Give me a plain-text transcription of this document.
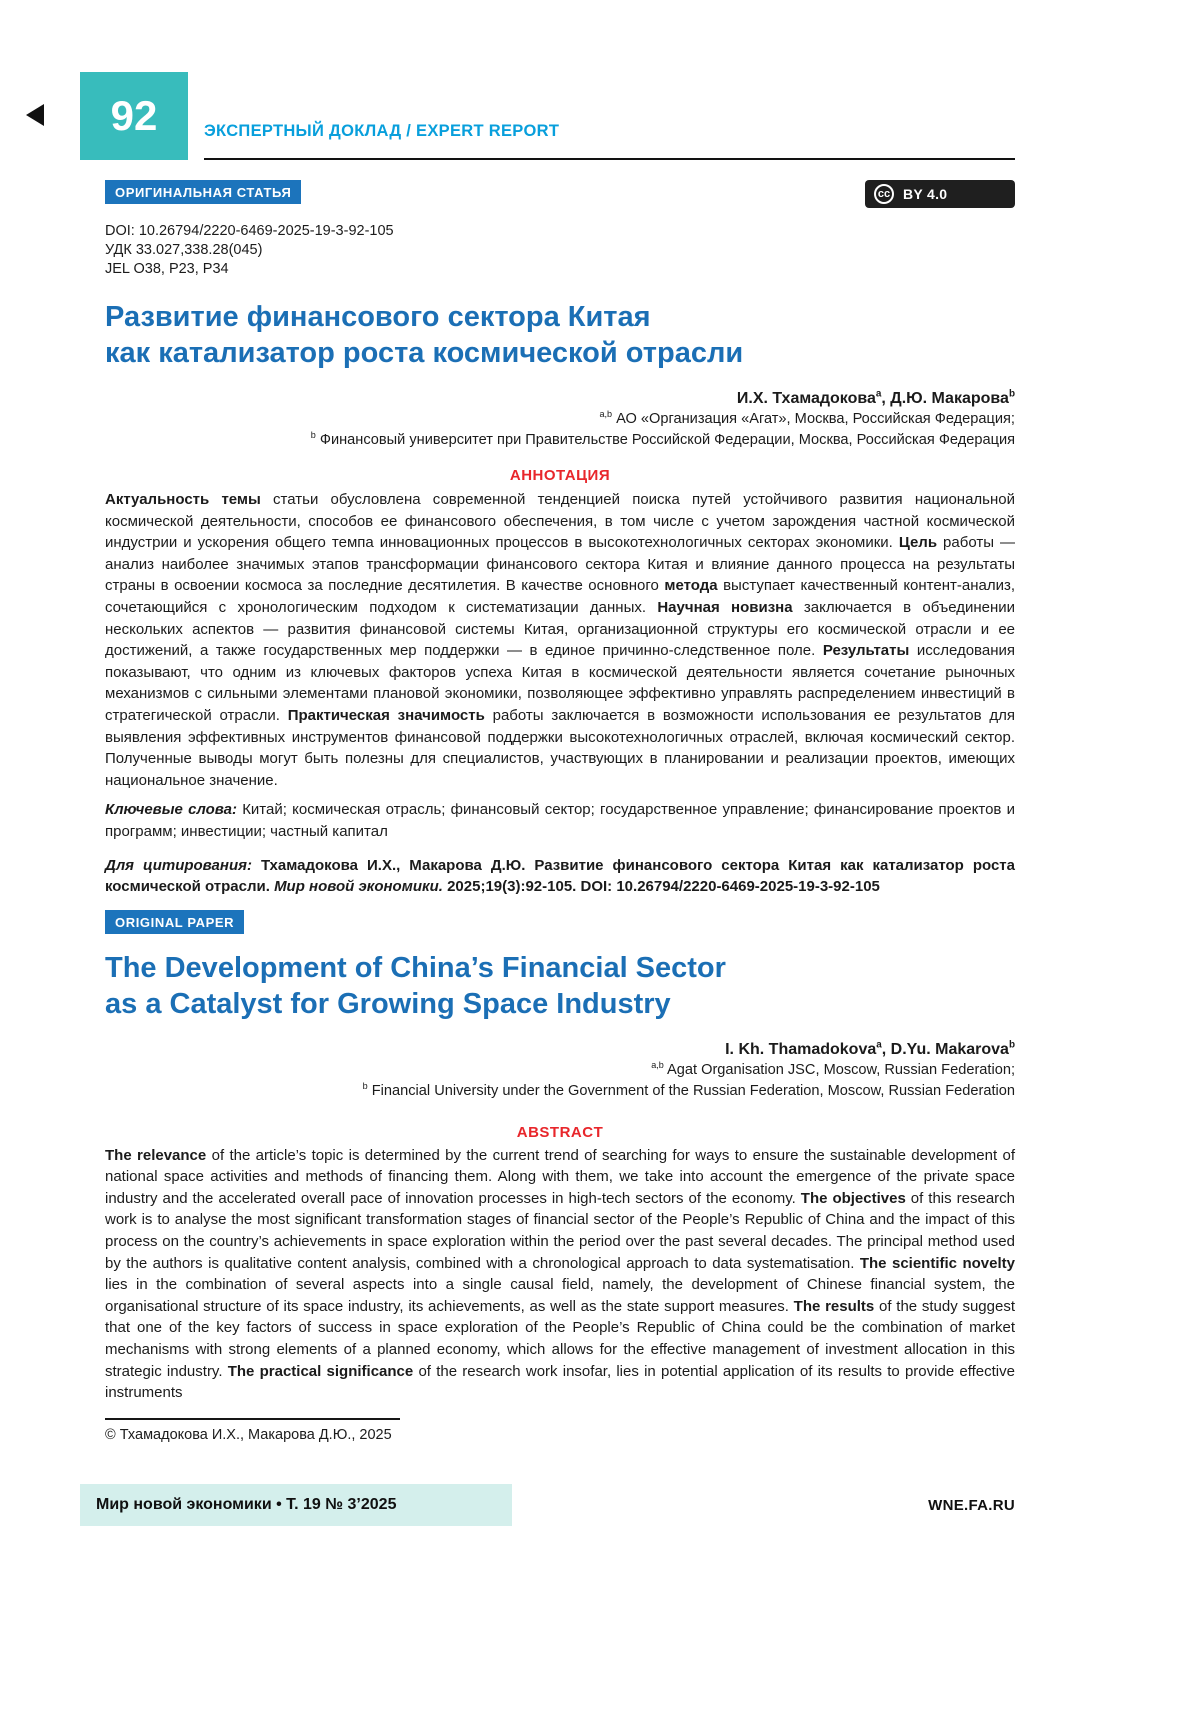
92	ЭКСПЕРТНЫЙ ДОКЛАД / EXPERT REPORT
ОРИГИНАЛЬНАЯ СТАТЬЯ	cc BY 4.0
DOI: 10.26794/2220-6469-2025-19-3-92-105
УДК 33.027,338.28(045)
JEL O38, P23, P34
Развитие финансового сектора Китая
как катализатор роста космической отрасли
И.Х. Тхамадокова$^a$, Д.Ю. Макарова$^b$
$^{a,b}$ АО «Организация «Агат», Москва, Российская Федерация;
$^b$ Финансовый университет при Правительстве Российской Федерации, Москва, Российская Федерация
АННОТАЦИЯ

Актуальность темы статьи обусловлена современной тенденцией поиска путей устойчивого развития национальной космической деятельности, способов ее финансового обеспечения, в том числе с учетом зарождения частной космической индустрии и ускорения общего темпа инновационных процессов в высокотехнологичных секторах экономики. Цель работы — анализ наиболее значимых этапов трансформации финансового сектора Китая и влияние данного процесса на результаты страны в освоении космоса за последние десятилетия. В качестве основного метода выступает качественный контент-анализ, сочетающийся с хронологическим подходом к систематизации данных. Научная новизна заключается в объединении нескольких аспектов — развития финансовой системы Китая, организационной структуры его космической отрасли и ее достижений, а также государственных мер поддержки — в единое причинно-следственное поле. Результаты исследования показывают, что одним из ключевых факторов успеха Китая в космической деятельности является сочетание рыночных механизмов с сильными элементами плановой экономики, позволяющее эффективно управлять распределением инвестиций в стратегической отрасли. Практическая значимость работы заключается в возможности использования ее результатов для выявления эффективных инструментов финансовой поддержки высокотехнологичных отраслей, включая космический сектор. Полученные выводы могут быть полезны для специалистов, участвующих в планировании и реализации проектов, имеющих национальное значение.

Ключевые слова: Китай; космическая отрасль; финансовый сектор; государственное управление; финансирование проектов и программ; инвестиции; частный капитал

Для цитирования: Тхамадокова И.Х., Макарова Д.Ю. Развитие финансового сектора Китая как катализатор роста космической отрасли. Мир новой экономики. 2025;19(3):92-105. DOI: 10.26794/2220-6469-2025-19-3-92-105

ORIGINAL PAPER
The Development of China’s Financial Sector
as a Catalyst for Growing Space Industry
I. Kh. Thamadokova$^a$, D.Yu. Makarova$^b$
$^{a,b}$ Agat Organisation JSC, Moscow, Russian Federation;
$^b$ Financial University under the Government of the Russian Federation, Moscow, Russian Federation
ABSTRACT

The relevance of the article’s topic is determined by the current trend of searching for ways to ensure the sustainable development of national space activities and methods of financing them. Along with them, we take into account the emergence of the private space industry and the accelerated overall pace of innovation processes in high-tech sectors of the economy. The objectives of this research work is to analyse the most significant transformation stages of financial sector of the People’s Republic of China and the impact of this process on the country’s achievements in space exploration within the period over the past several decades. The principal method used by the authors is qualitative content analysis, combined with a chronological approach to data systematisation. The scientific novelty lies in the combination of several aspects into a single causal field, namely, the development of Chinese financial system, the organisational structure of its space industry, its achievements, as well as the state support measures. The results of the study suggest that one of the key factors of success in space exploration of the People’s Republic of China could be the combination of market mechanisms with strong elements of a planned economy, which allows for the effective management of investment allocation in this strategic industry. The practical significance of the research work insofar, lies in potential application of its results to provide effective instruments

© Тхамадокова И.Х., Макарова Д.Ю., 2025
Мир новой экономики • Т. 19 № 3’2025	WNE.FA.RU
